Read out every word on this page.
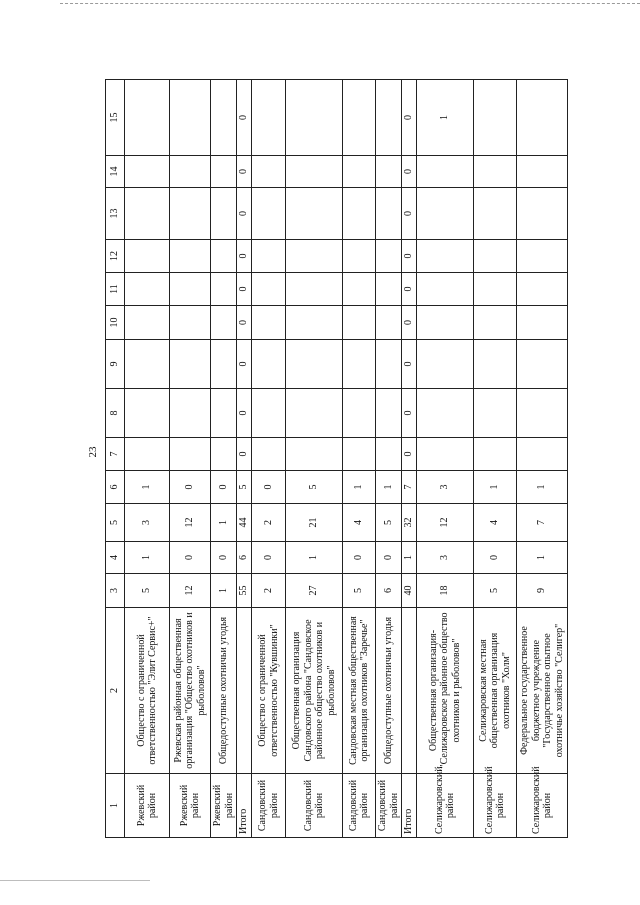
23
1	2	3	4	5	6	7	8	9	10	11	12	13	14	15
Ржевский район	Общество с ограниченной ответственностью "Элит Сервис+"	5	1	3	1									
Ржевский район	Ржевская районная общественная организация "Общество охотников и рыболовов"	12	0	12	0									
Ржевский район	Общедоступные охотничьи угодья	1	0	1	0									
Итого		55	6	44	5	0	0	0	0	0	0	0	0	0
Сандовский район	Общество с ограниченной ответственностью "Кувшинки"	2	0	2	0									
Сандовский район	Общественная организация Сандовского района "Сандовское районное общество охотников и рыболовов"	27	1	21	5									
Сандовский район	Сандовская местная общественная организация охотников "Заречье"	5	0	4	1									
Сандовский район	Общедоступные охотничьи угодья	6	0	5	1									
Итого		40	1	32	7	0	0	0	0	0	0	0	0	0
Селижаровский район	Общественная организация- "Селижаровское районное общество охотников и рыболовов"	18	3	12	3									1
Селижаровский район	Селижаровская местная общественная организация охотников "Холм"	5	0	4	1									
Селижаровский район	Федеральное государственное бюджетное учреждение "Государственное опытное охотничье хозяйство "Селигер"	9	1	7	1									
